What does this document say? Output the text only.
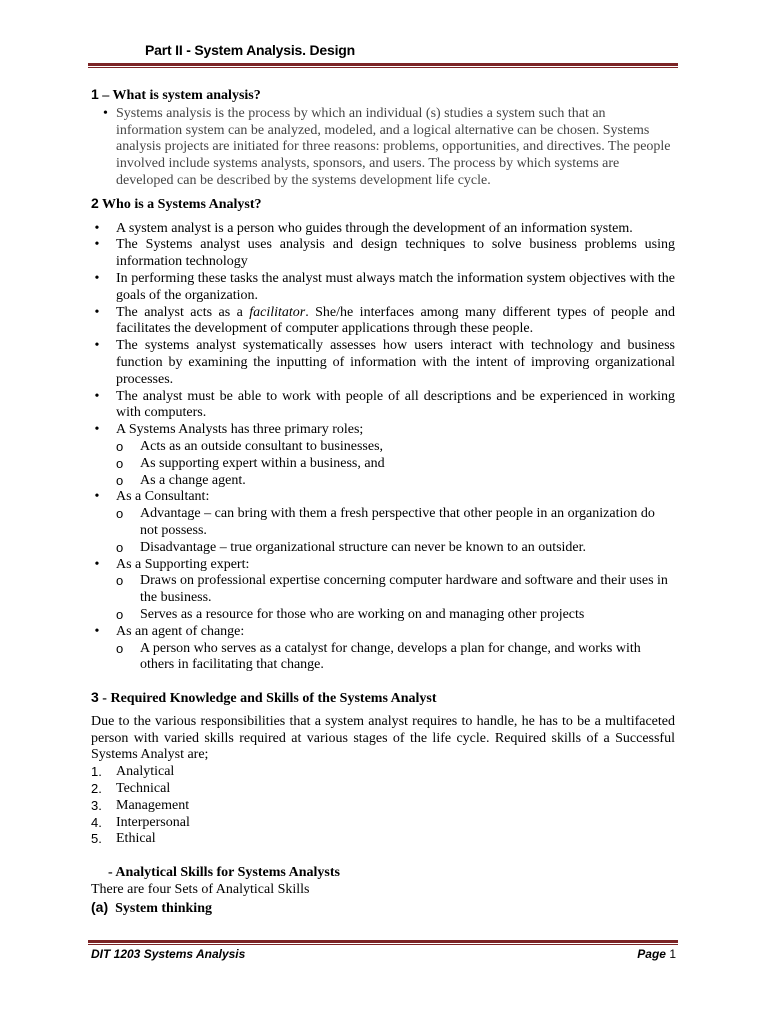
Part II - System Analysis. Design
1 – What is system analysis?
• Systems analysis is the process by which an individual (s) studies a system such that an information system can be analyzed, modeled, and a logical alternative can be chosen. Systems analysis projects are initiated for three reasons: problems, opportunities, and directives. The people involved include systems analysts, sponsors, and users. The process by which systems are developed can be described by the systems development life cycle.
2 Who is a Systems Analyst?
• A system analyst is a person who guides through the development of an information system.
• The Systems analyst uses analysis and design techniques to solve business problems using information technology
• In performing these tasks the analyst must always match the information system objectives with the goals of the organization.
• The analyst acts as a facilitator. She/he interfaces among many different types of people and facilitates the development of computer applications through these people.
• The systems analyst systematically assesses how users interact with technology and business function by examining the inputting of information with the intent of improving organizational processes.
• The analyst must be able to work with people of all descriptions and be experienced in working with computers.
• A Systems Analysts has three primary roles;
o Acts as an outside consultant to businesses,
o As supporting expert within a business, and
o As a change agent.
• As a Consultant:
o Advantage – can bring with them a fresh perspective that other people in an organization do not possess.
o Disadvantage – true organizational structure can never be known to an outsider.
• As a Supporting expert:
o Draws on professional expertise concerning computer hardware and software and their uses in the business.
o Serves as a resource for those who are working on and managing other projects
• As an agent of change:
o A person who serves as a catalyst for change, develops a plan for change, and works with others in facilitating that change.
3 - Required Knowledge and Skills of the Systems Analyst
Due to the various responsibilities that a system analyst requires to handle, he has to be a multifaceted person with varied skills required at various stages of the life cycle. Required skills of a Successful Systems Analyst are;
1. Analytical
2. Technical
3. Management
4. Interpersonal
5. Ethical
- Analytical Skills for Systems Analysts
There are four Sets of Analytical Skills
(a) System thinking
DIT 1203 Systems Analysis	Page 1
